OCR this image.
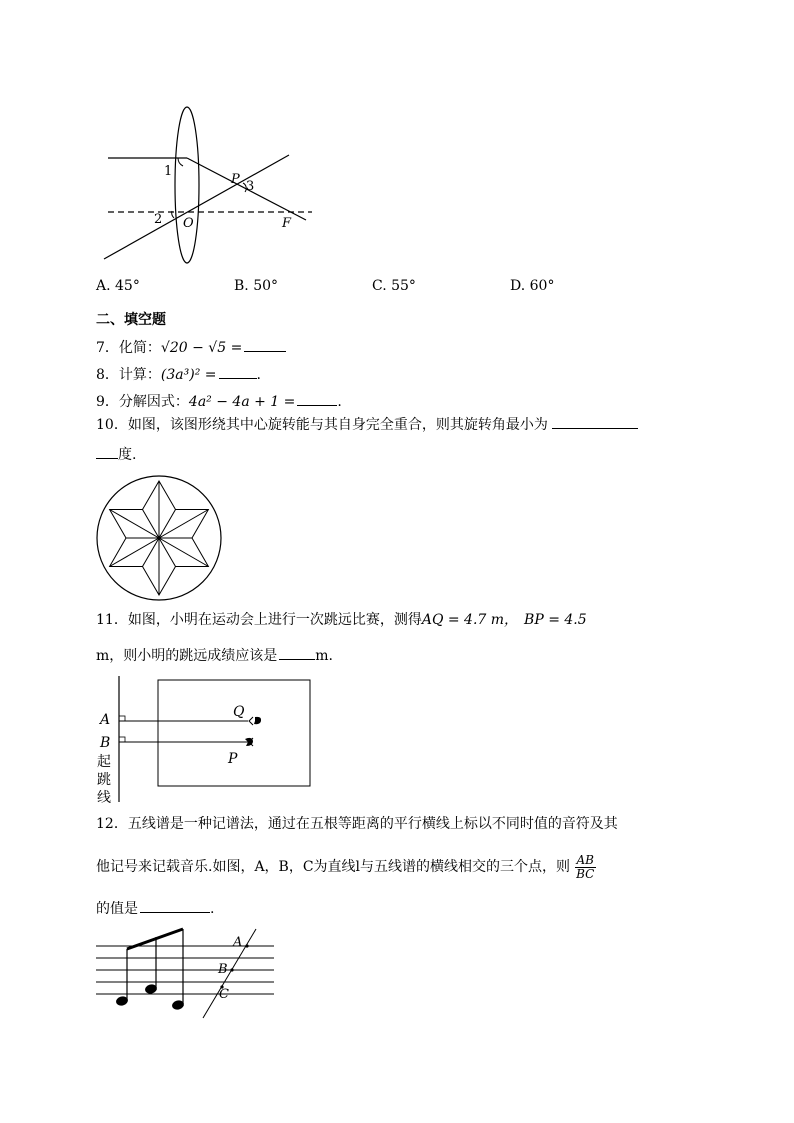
1
2
3
P
O	F
A. 45°	B. 50°	C. 55°	D. 60°
二、填空题
7．化简：√20 − √5 =
8．计算：(3a³)² =	.
9．分解因式：4a² − 4a + 1 =	.
10．如图，该图形绕其中心旋转能与其自身完全重合，则其旋转角最小为
度.
11．如图，小明在运动会上进行一次跳远比赛，测得AQ = 4.7 m， BP = 4.5
m，则小明的跳远成绩应该是	m.
A
B
Q
P
起
跳
线
12．五线谱是一种记谱法，通过在五根等距离的平行横线上标以不同时值的音符及其
他记号来记载音乐.如图，A，B，C为直线l与五线谱的横线相交的三个点，则 $\frac{AB}{BC}$
的值是	.
A
B
C
